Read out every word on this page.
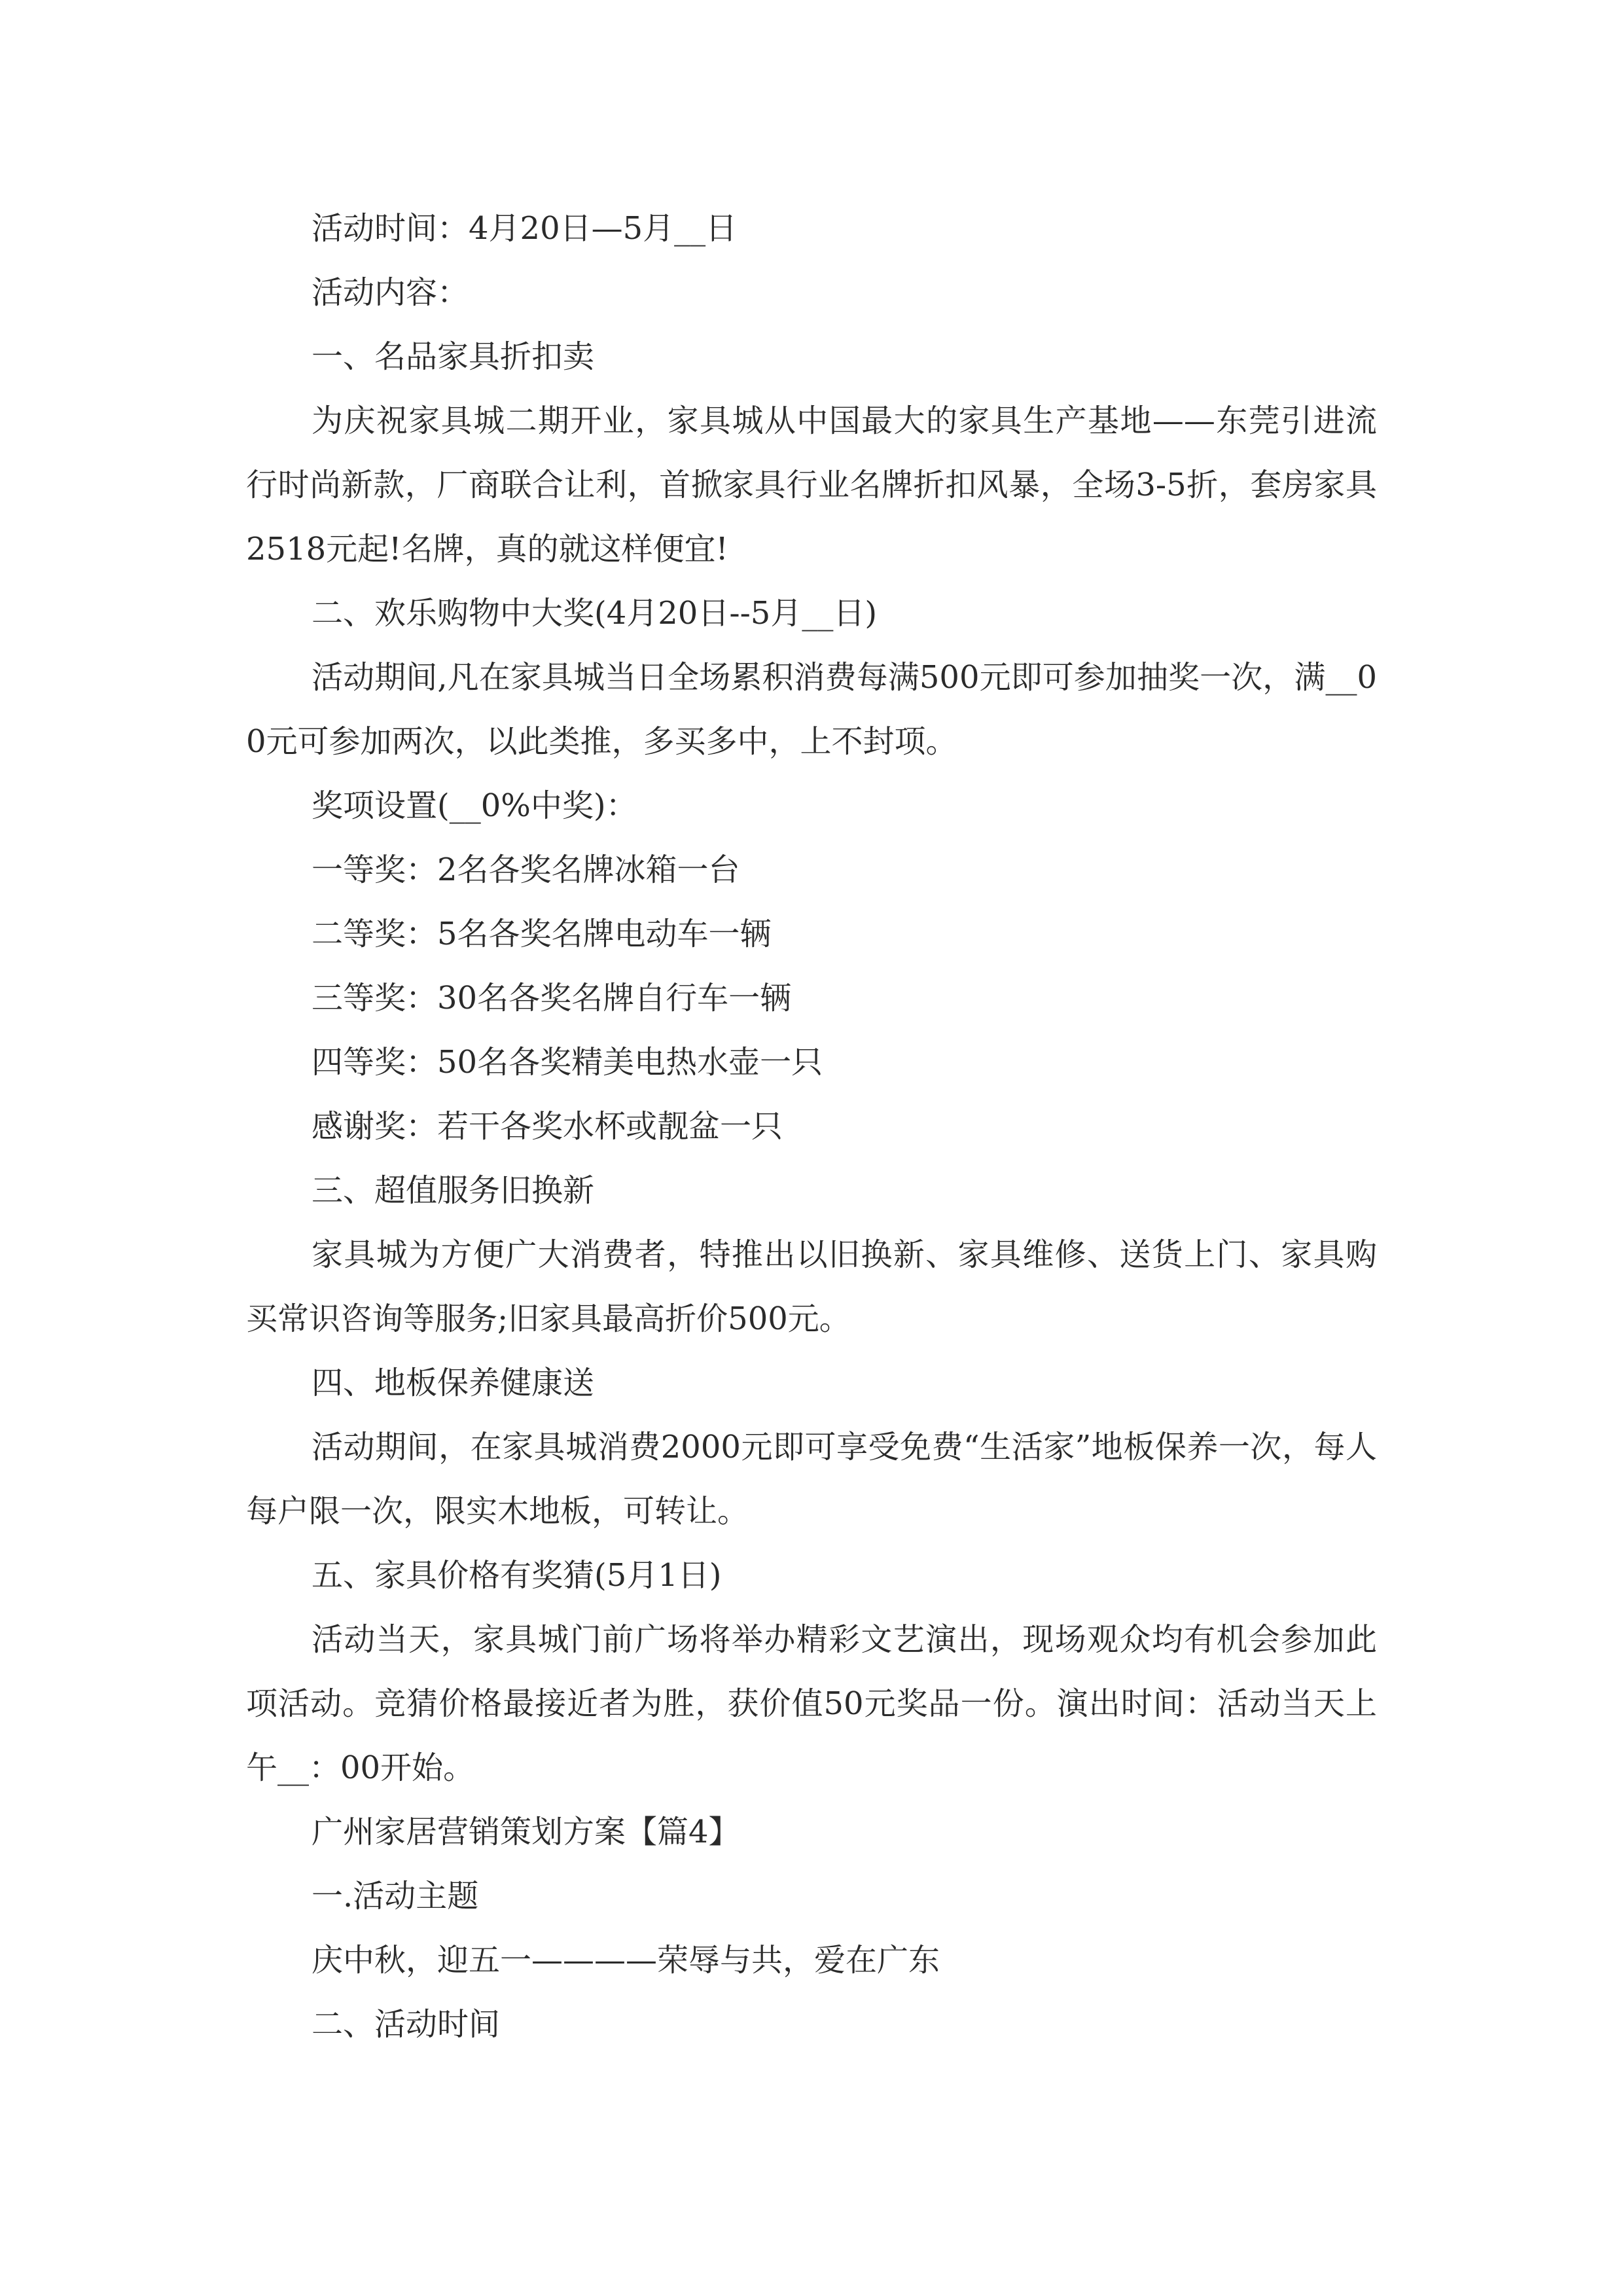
活动时间：4月20日—5月__日

活动内容：

一、名品家具折扣卖

为庆祝家具城二期开业，家具城从中国最大的家具生产基地——东莞引进流行时尚新款，厂商联合让利，首掀家具行业名牌折扣风暴，全场3-5折，套房家具2518元起!名牌，真的就这样便宜!

二、欢乐购物中大奖(4月20日--5月__日)

活动期间,凡在家具城当日全场累积消费每满500元即可参加抽奖一次，满__00元可参加两次，以此类推，多买多中，上不封项。

奖项设置(__0%中奖)：

一等奖：2名各奖名牌冰箱一台

二等奖：5名各奖名牌电动车一辆

三等奖：30名各奖名牌自行车一辆

四等奖：50名各奖精美电热水壶一只

感谢奖：若干各奖水杯或靓盆一只

三、超值服务旧换新

家具城为方便广大消费者，特推出以旧换新、家具维修、送货上门、家具购买常识咨询等服务;旧家具最高折价500元。

四、地板保养健康送

活动期间，在家具城消费2000元即可享受免费“生活家”地板保养一次，每人每户限一次，限实木地板，可转让。

五、家具价格有奖猜(5月1日)

活动当天，家具城门前广场将举办精彩文艺演出，现场观众均有机会参加此项活动。竞猜价格最接近者为胜，获价值50元奖品一份。演出时间：活动当天上午__：00开始。

广州家居营销策划方案【篇4】

一.活动主题

庆中秋，迎五一————荣辱与共，爱在广东

二、活动时间
